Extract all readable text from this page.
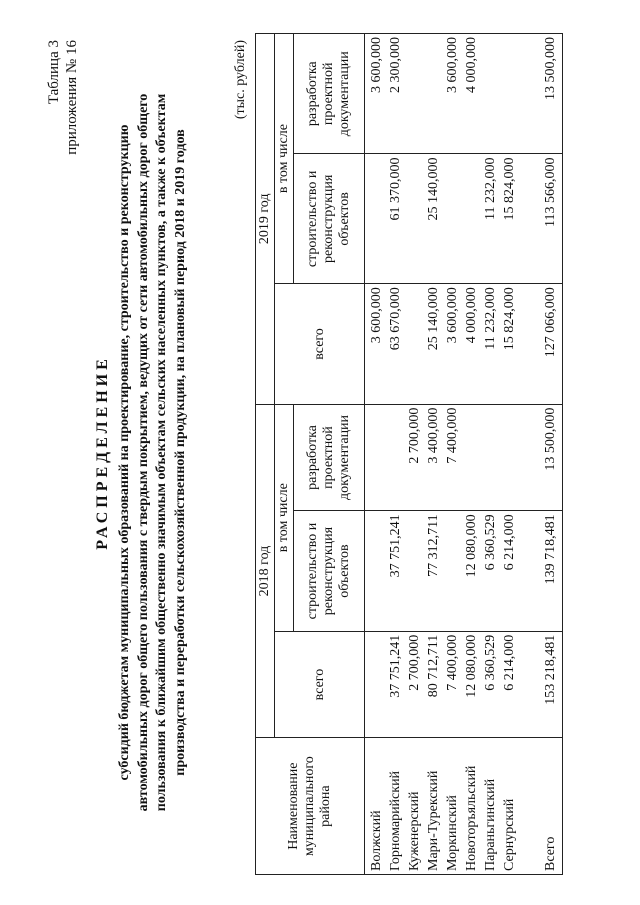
Таблица 3 приложения № 16
РАСПРЕДЕЛЕНИЕ субсидий бюджетам муниципальных образований на проектирование, строительство и реконструкцию автомобильных дорог общего пользования с твердым покрытием, ведущих от сети автомобильных дорог общего пользования к ближайшим общественно значимым объектам сельских населенных пунктов, а также к объектам производства и переработки сельскохозяйственной продукции, на плановый период 2018 и 2019 годов
(тыс. рублей)
Наименование муниципального района	2018 год			2019 год		
	всего	в том числе		всего	в том числе	
		строительство и реконструкция объектов	разработка проектной документации		строительство и реконструкция объектов	разработка проектной документации
Волжский				3 600,000		3 600,000
Горномарийский	37 751,241	37 751,241		63 670,000	61 370,000	2 300,000
Куженерский	2 700,000		2 700,000			
Мари-Турекский	80 712,711	77 312,711	3 400,000	25 140,000	25 140,000	
Моркинский	7 400,000		7 400,000	3 600,000		3 600,000
Новоторъяльский	12 080,000	12 080,000		4 000,000		4 000,000
Параньгинский	6 360,529	6 360,529		11 232,000	11 232,000	
Сернурский	6 214,000	6 214,000		15 824,000	15 824,000	
Всего	153 218,481	139 718,481	13 500,000	127 066,000	113 566,000	13 500,000
